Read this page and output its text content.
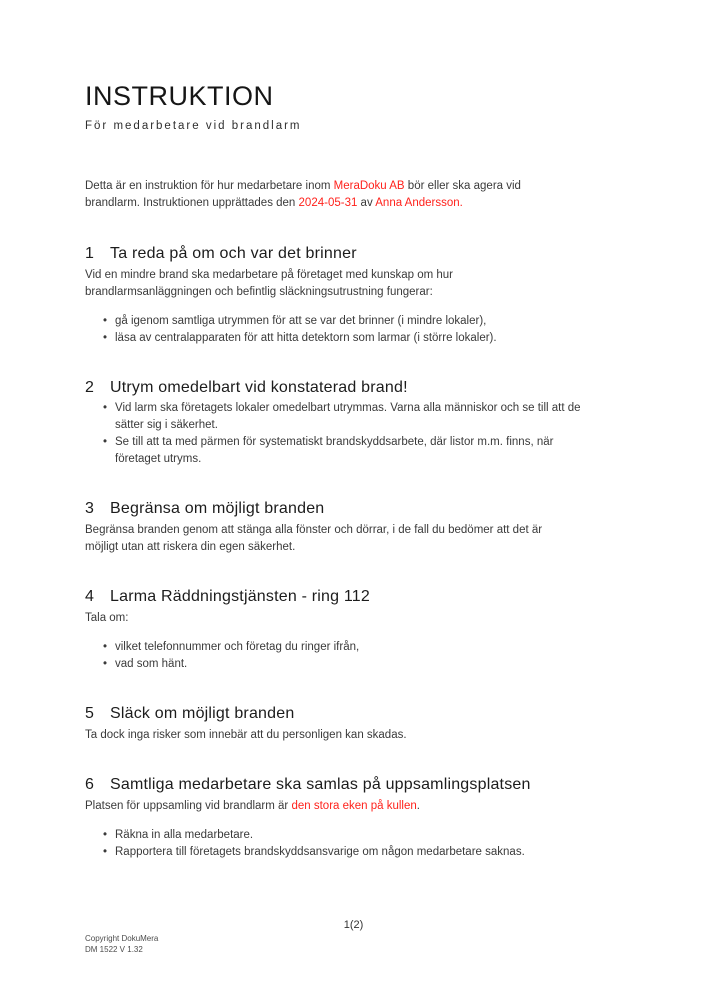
INSTRUKTION
För medarbetare vid brandlarm

Detta är en instruktion för hur medarbetare inom MeraDoku AB bör eller ska agera vid
brandlarm. Instruktionen upprättades den 2024-05-31 av Anna Andersson.

1 Ta reda på om och var det brinner

Vid en mindre brand ska medarbetare på företaget med kunskap om hur
brandlarmsanläggningen och befintlig släckningsutrustning fungerar:

• gå igenom samtliga utrymmen för att se var det brinner (i mindre lokaler),
• läsa av centralapparaten för att hitta detektorn som larmar (i större lokaler).
2 Utrym omedelbart vid konstaterad brand!
• Vid larm ska företagets lokaler omedelbart utrymmas. Varna alla människor och se till att de
sätter sig i säkerhet.
• Se till att ta med pärmen för systematiskt brandskyddsarbete, där listor m.m. finns, när
företaget utryms.
3 Begränsa om möjligt branden

Begränsa branden genom att stänga alla fönster och dörrar, i de fall du bedömer att det är
möjligt utan att riskera din egen säkerhet.

4 Larma Räddningstjänsten - ring 112

Tala om:

• vilket telefonnummer och företag du ringer ifrån,
• vad som hänt.
5 Släck om möjligt branden

Ta dock inga risker som innebär att du personligen kan skadas.

6 Samtliga medarbetare ska samlas på uppsamlingsplatsen

Platsen för uppsamling vid brandlarm är den stora eken på kullen.

• Räkna in alla medarbetare.
• Rapportera till företagets brandskyddsansvarige om någon medarbetare saknas.
1(2)
Copyright DokuMera
DM 1522 V 1.32
